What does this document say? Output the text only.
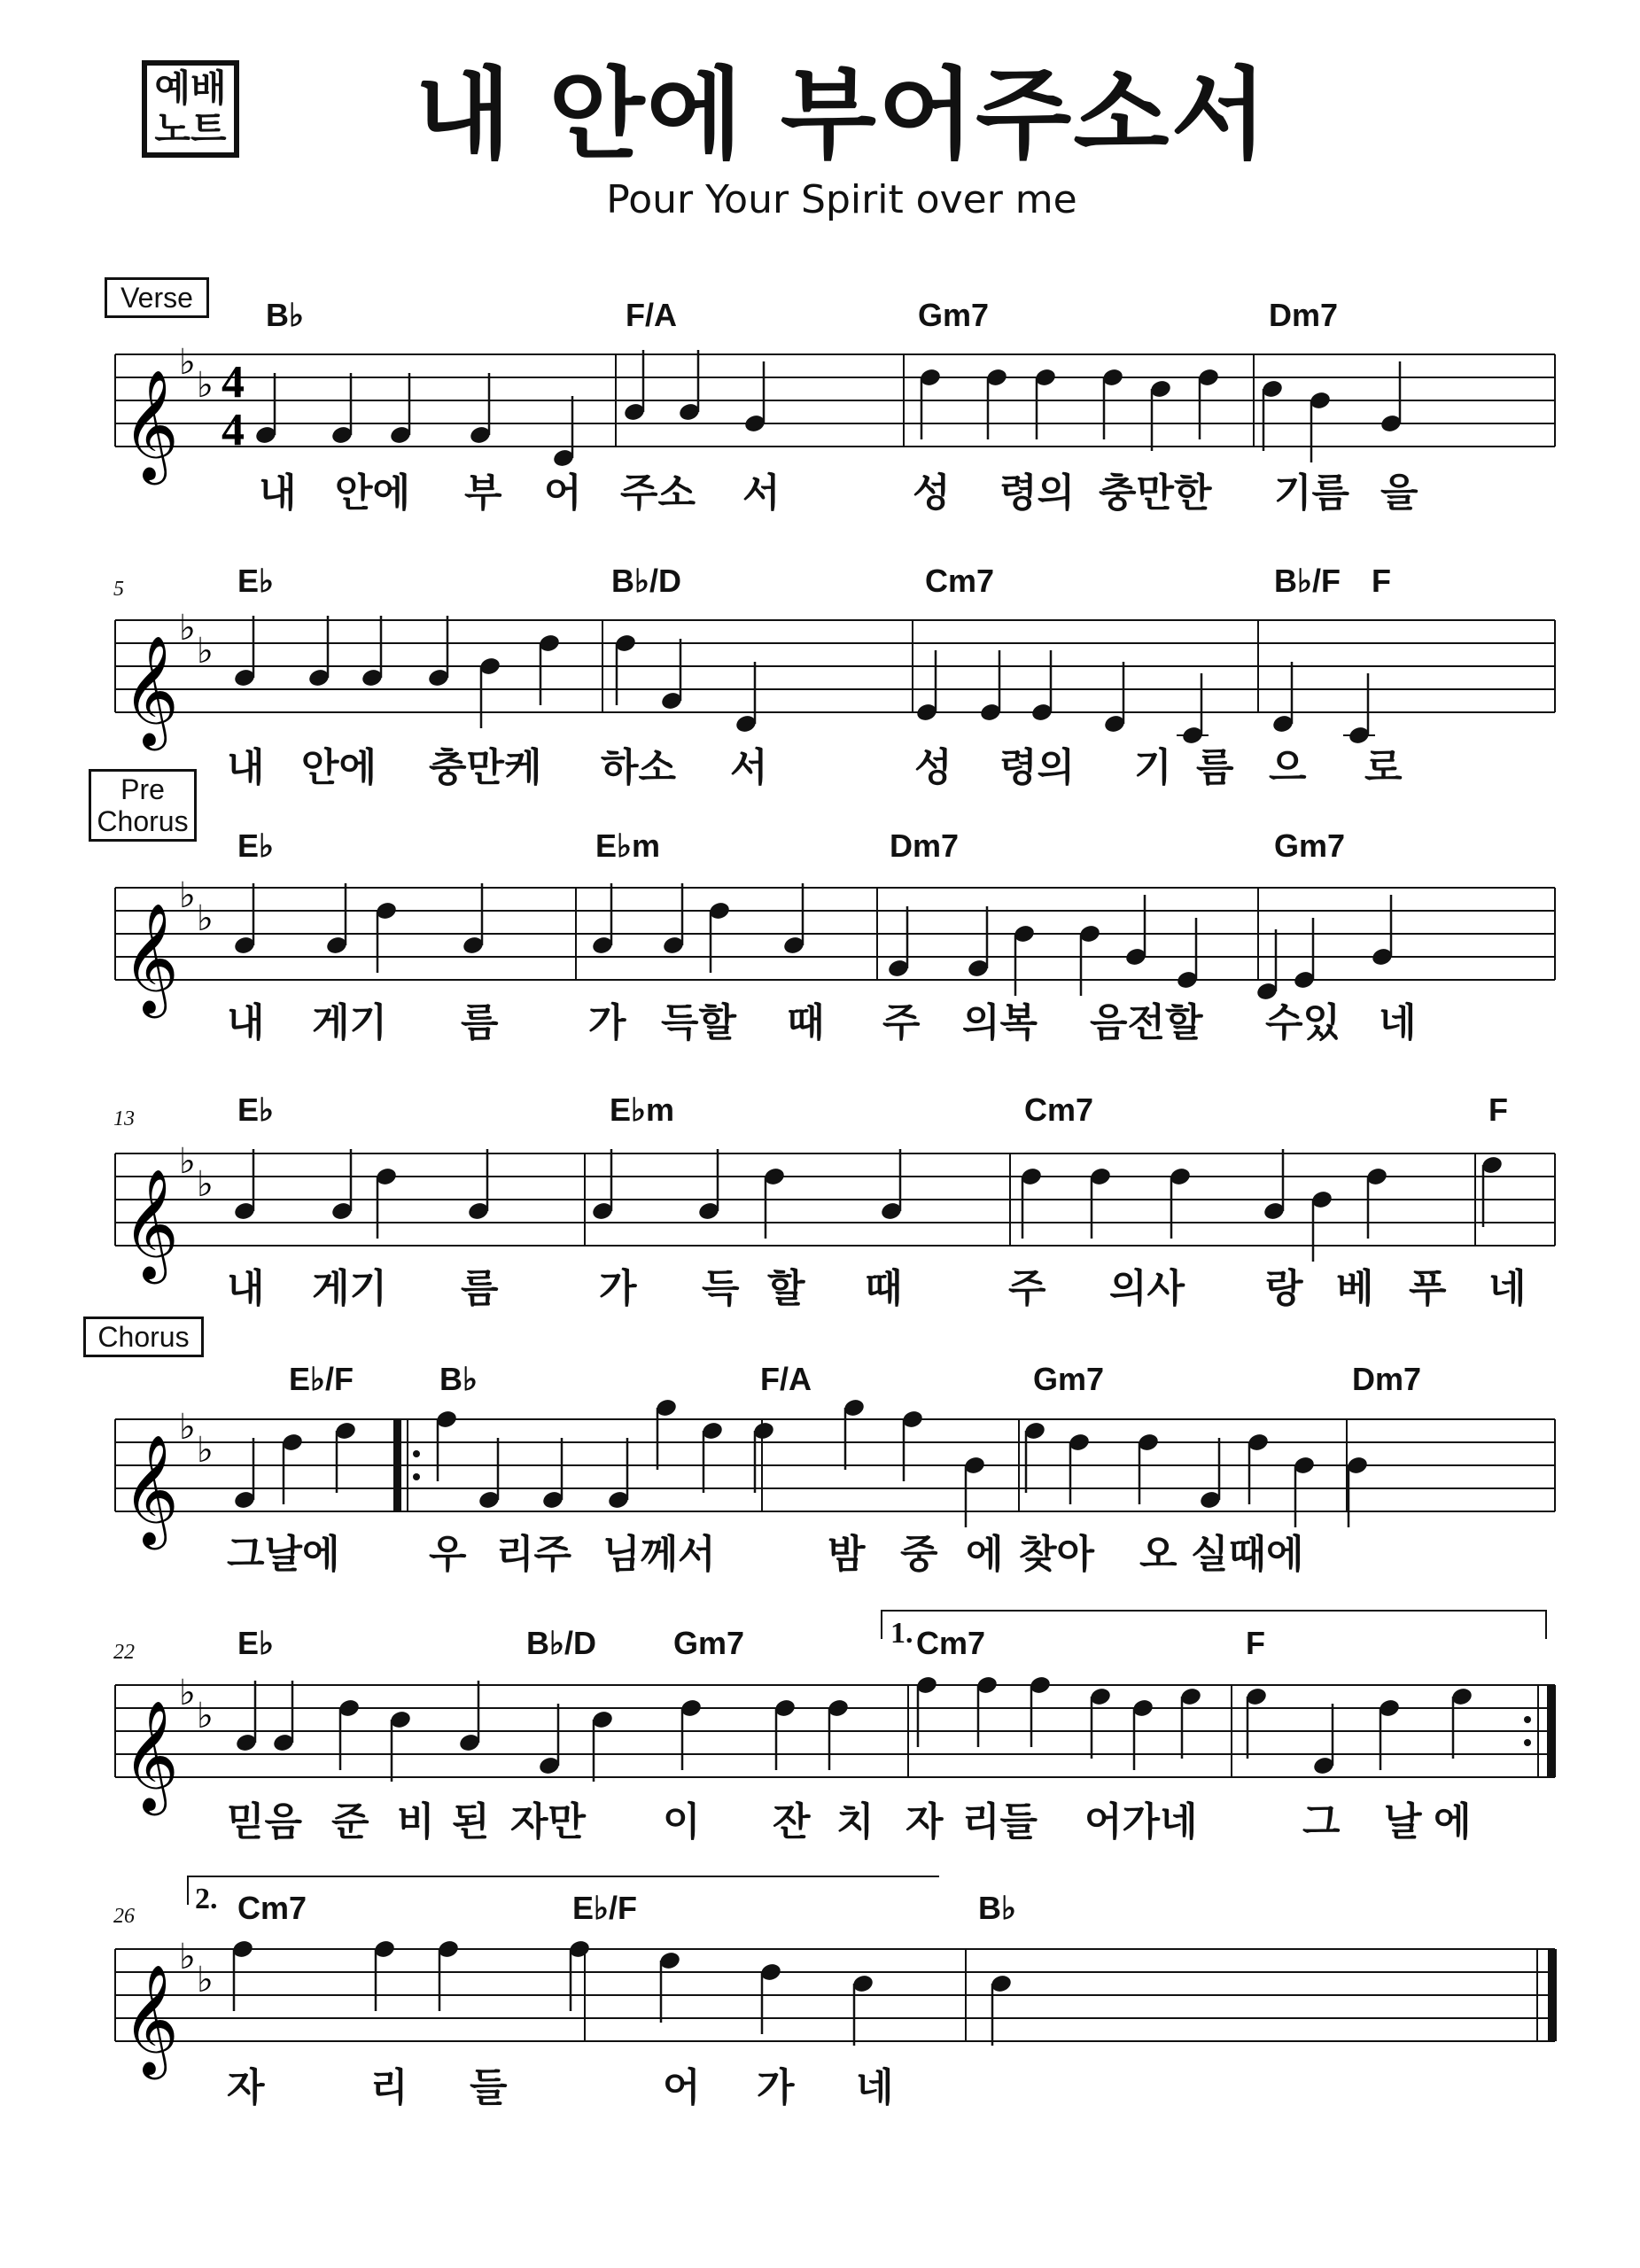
예배
노트	내 안에 부어주소서
Pour Your Spirit over me
Verse
Pre
Chorus
Chorus
5
13
22
26
1.
2.
B♭	F/A	Gm7	Dm7
내 안에 부 어 주소 서	성 령의 충만한 기름 을
E♭	B♭/D	Cm7	B♭/F F
내 안에 충만케 하소 서	성 령의 기 름 으 로
E♭	E♭m	Dm7	Gm7
내 게기 름 가 득할 때 주 의복 음전할 수있 네
E♭	E♭m	Cm7	F
내 게기 름	가 득 할 때	주 의사 랑 베 푸 네
E♭/F	B♭	F/A	Gm7	Dm7
그날에 우 리주 님께서	밤 중 에 찾아 오 실때에
E♭	B♭/D Gm7	Cm7	F
믿음 준 비 된 자만 이 잔 치 자 리들 어가네	그 날 에
Cm7	E♭/F	B♭
자	리 들	어 가 네
𝄞
♭
♭ 4
4
𝄞
♭
♭
𝄞
♭
♭
𝄞
♭
♭
𝄞
♭
♭
𝄞
♭
♭
𝄞
♭
♭
